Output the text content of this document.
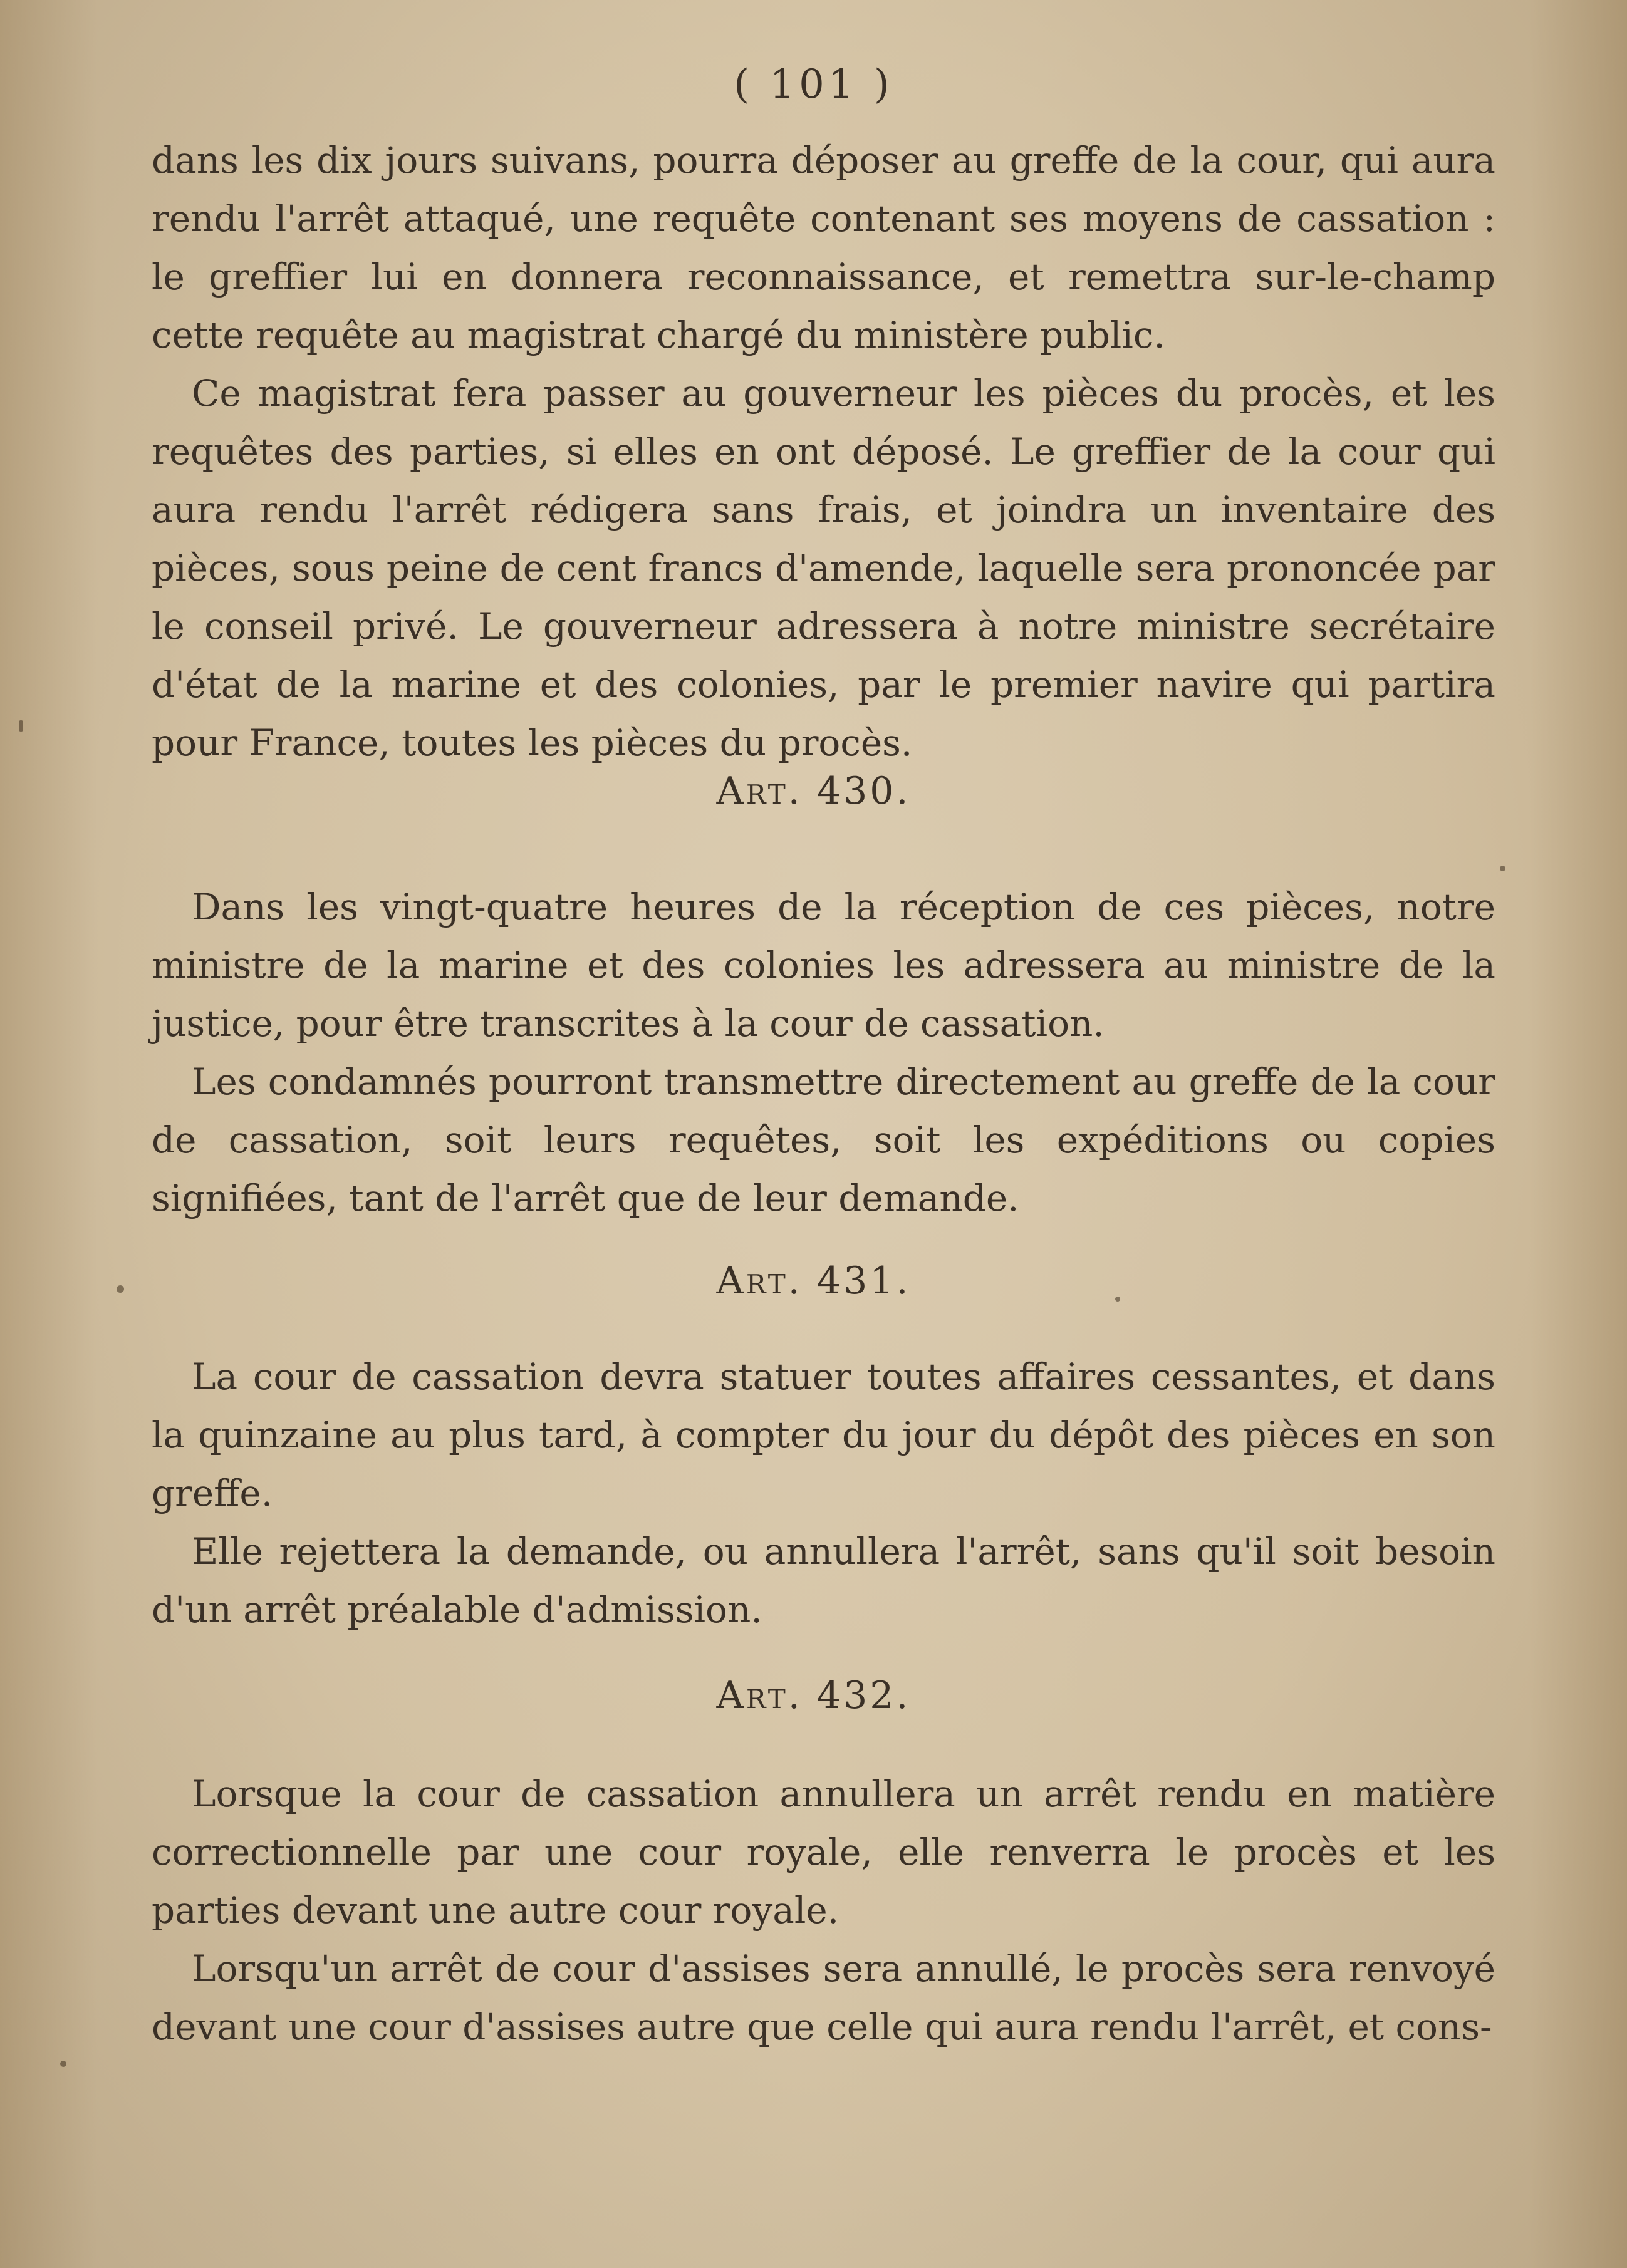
( 101 )

dans les dix jours suivans, pourra déposer au greffe de la cour, qui aura rendu l'arrêt attaqué, une requête contenant ses moyens de cassation : le greffier lui en donnera reconnaissance, et remettra sur-le-champ cette requête au magistrat chargé du ministère public.

Ce magistrat fera passer au gouverneur les pièces du procès, et les requêtes des parties, si elles en ont déposé. Le greffier de la cour qui aura rendu l'arrêt rédigera sans frais, et joindra un inventaire des pièces, sous peine de cent francs d'amende, laquelle sera prononcée par le conseil privé. Le gouverneur adressera à notre ministre secrétaire d'état de la marine et des colonies, par le premier navire qui partira pour France, toutes les pièces du procès.

Art. 430.

Dans les vingt-quatre heures de la réception de ces pièces, notre ministre de la marine et des colonies les adressera au ministre de la justice, pour être transcrites à la cour de cassation.

Les condamnés pourront transmettre directement au greffe de la cour de cassation, soit leurs requêtes, soit les expéditions ou copies signifiées, tant de l'arrêt que de leur demande.

Art. 431.

La cour de cassation devra statuer toutes affaires cessantes, et dans la quinzaine au plus tard, à compter du jour du dépôt des pièces en son greffe.

Elle rejettera la demande, ou annullera l'arrêt, sans qu'il soit besoin d'un arrêt préalable d'admission.

Art. 432.

Lorsque la cour de cassation annullera un arrêt rendu en matière correctionnelle par une cour royale, elle renverra le procès et les parties devant une autre cour royale.

Lorsqu'un arrêt de cour d'assises sera annullé, le procès sera renvoyé devant une cour d'assises autre que celle qui aura rendu l'arrêt, et cons-
